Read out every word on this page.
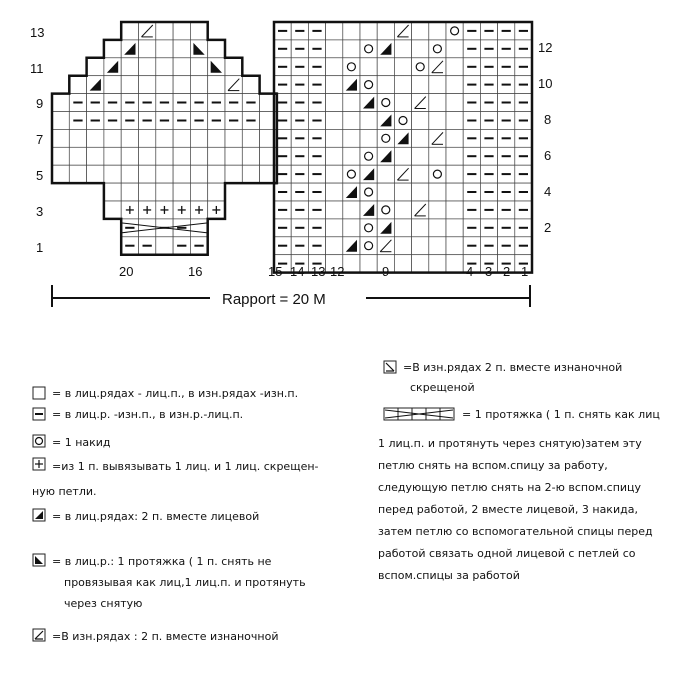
13
11
9
7
5
3
1
12
10
8
6
4
2
20	16	15 14 13 12	9	4 3 2 1
Rapport = 20 M
= в лиц.рядах - лиц.п., в изн.рядах -изн.п.
= в лиц.р. -изн.п., в изн.р.-лиц.п.
= 1 накид
=из 1 п. вывязывать 1 лиц. и 1 лиц. скрещен-
ную петли.
= в лиц.рядах: 2 п. вместе лицевой
= в лиц.р.: 1 протяжка ( 1 п. снять не
провязывая как лиц,1 лиц.п. и протянуть
через снятую
=В изн.рядах : 2 п. вместе изнаночной
=В изн.рядах 2 п. вместе изнаночной
скрещеной
= 1 протяжка ( 1 п. снять как лиц
1 лиц.п. и протянуть через снятую)затем эту
петлю снять на вспом.спицу за работу,
следующую петлю снять на 2-ю вспом.спицу
перед работой, 2 вместе лицевой, 3 накида,
затем петлю со вспомогательной спицы перед
работой связать одной лицевой с петлей со
вспом.спицы за работой
